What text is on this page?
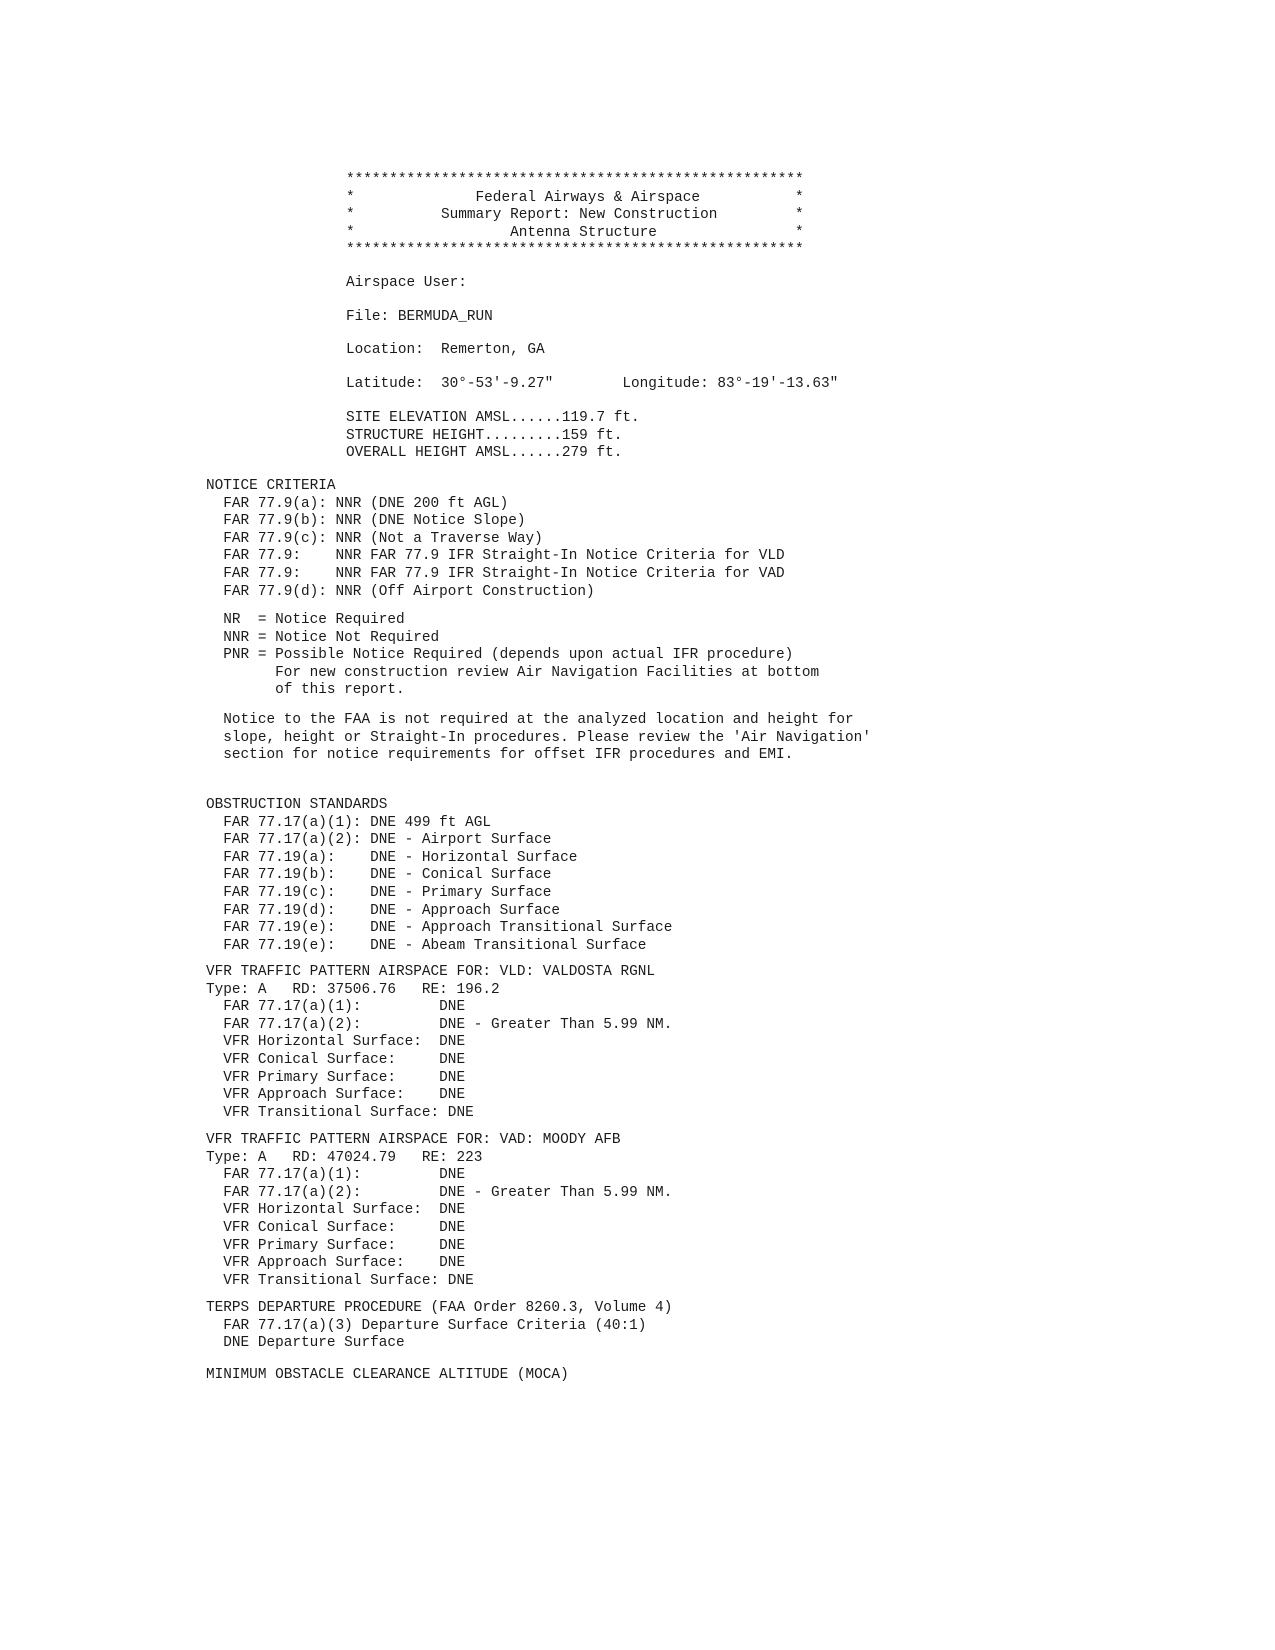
*****************************************************
*              Federal Airways & Airspace           *
*          Summary Report: New Construction         *
*                  Antenna Structure                *
*****************************************************
Airspace User:
File: BERMUDA_RUN
Location:  Remerton, GA
Latitude:  30°-53'-9.27"        Longitude: 83°-19'-13.63"
SITE ELEVATION AMSL......119.7 ft.
STRUCTURE HEIGHT.........159 ft.
OVERALL HEIGHT AMSL......279 ft.
NOTICE CRITERIA
FAR 77.9(a): NNR (DNE 200 ft AGL)
FAR 77.9(b): NNR (DNE Notice Slope)
FAR 77.9(c): NNR (Not a Traverse Way)
FAR 77.9:    NNR FAR 77.9 IFR Straight-In Notice Criteria for VLD
FAR 77.9:    NNR FAR 77.9 IFR Straight-In Notice Criteria for VAD
FAR 77.9(d): NNR (Off Airport Construction)
NR  = Notice Required
NNR = Notice Not Required
PNR = Possible Notice Required (depends upon actual IFR procedure)
For new construction review Air Navigation Facilities at bottom
of this report.
Notice to the FAA is not required at the analyzed location and height for
slope, height or Straight-In procedures. Please review the 'Air Navigation'
section for notice requirements for offset IFR procedures and EMI.
OBSTRUCTION STANDARDS
FAR 77.17(a)(1): DNE 499 ft AGL
FAR 77.17(a)(2): DNE - Airport Surface
FAR 77.19(a):    DNE - Horizontal Surface
FAR 77.19(b):    DNE - Conical Surface
FAR 77.19(c):    DNE - Primary Surface
FAR 77.19(d):    DNE - Approach Surface
FAR 77.19(e):    DNE - Approach Transitional Surface
FAR 77.19(e):    DNE - Abeam Transitional Surface
VFR TRAFFIC PATTERN AIRSPACE FOR: VLD: VALDOSTA RGNL
Type: A   RD: 37506.76   RE: 196.2
FAR 77.17(a)(1):         DNE
FAR 77.17(a)(2):         DNE - Greater Than 5.99 NM.
VFR Horizontal Surface:  DNE
VFR Conical Surface:     DNE
VFR Primary Surface:     DNE
VFR Approach Surface:    DNE
VFR Transitional Surface: DNE
VFR TRAFFIC PATTERN AIRSPACE FOR: VAD: MOODY AFB
Type: A   RD: 47024.79   RE: 223
FAR 77.17(a)(1):         DNE
FAR 77.17(a)(2):         DNE - Greater Than 5.99 NM.
VFR Horizontal Surface:  DNE
VFR Conical Surface:     DNE
VFR Primary Surface:     DNE
VFR Approach Surface:    DNE
VFR Transitional Surface: DNE
TERPS DEPARTURE PROCEDURE (FAA Order 8260.3, Volume 4)
FAR 77.17(a)(3) Departure Surface Criteria (40:1)
DNE Departure Surface
MINIMUM OBSTACLE CLEARANCE ALTITUDE (MOCA)
